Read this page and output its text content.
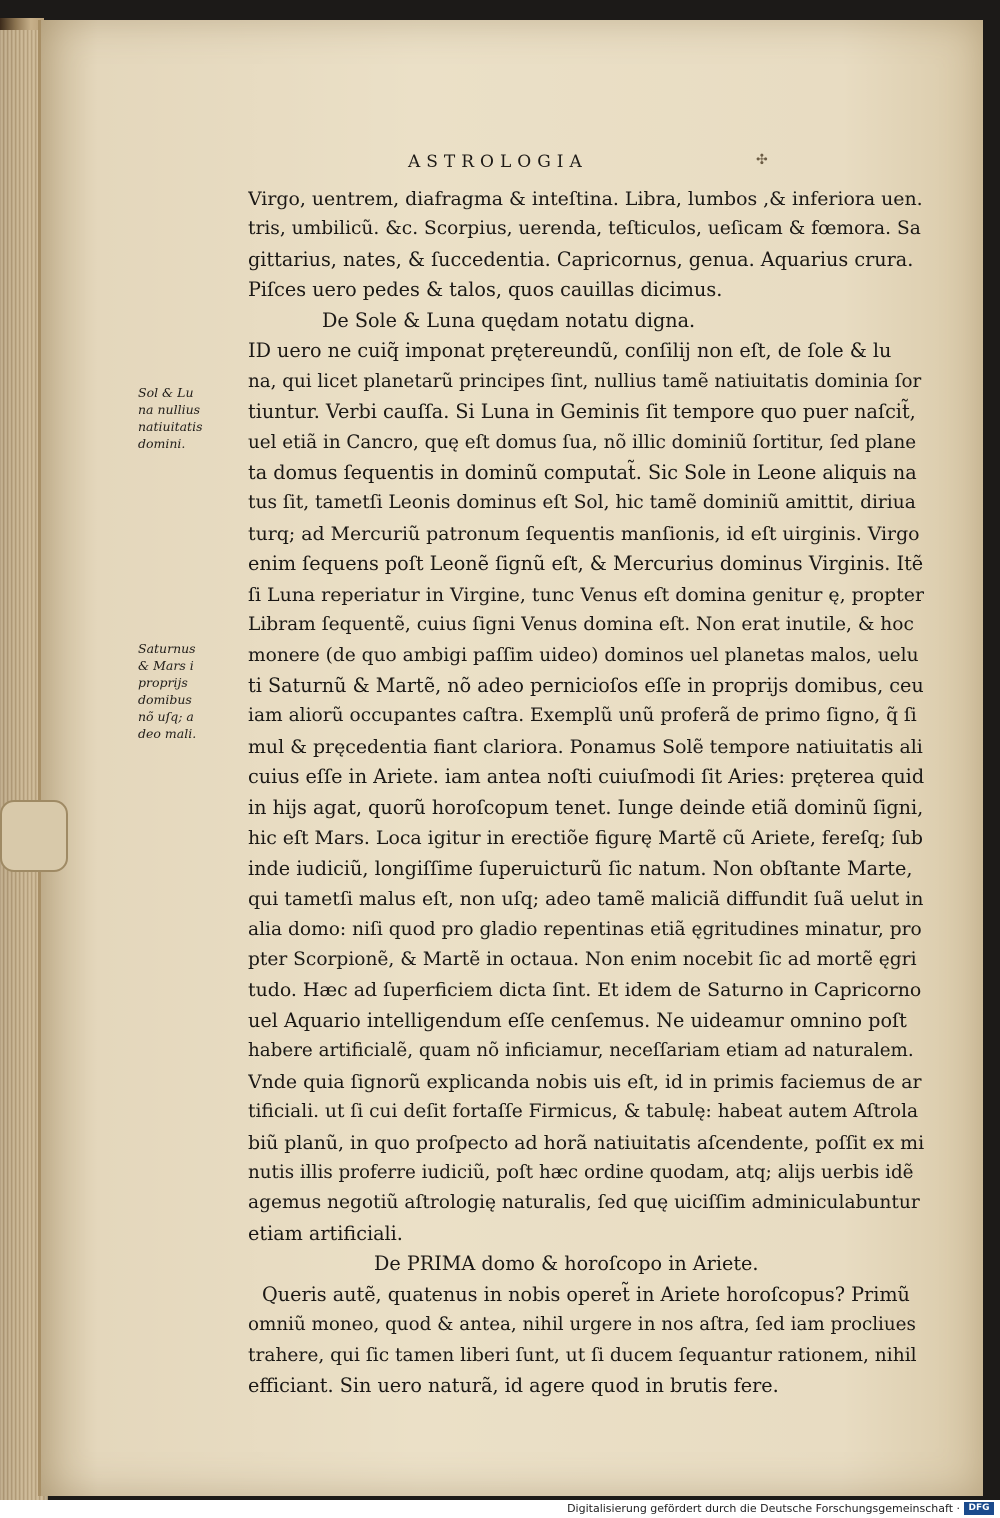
ASTROLOGIA	✣
Sol & Lu
na nullius
natiuitatis
domini.
Saturnus
& Mars i
proprijs
domibus
nõ uſq; a
deo mali.
Virgo, uentrem, diafragma & inteſtina. Libra, lumbos ,& inferiora uen.
tris, umbilicũ. &c. Scorpius, uerenda, teſticulos, ueſicam & fœmora. Sa
gittarius, nates, & ſuccedentia. Capricornus, genua. Aquarius crura.
Piſces uero pedes & talos, quos cauillas dicimus.
De Sole & Luna quędam notatu digna.
ID uero ne cuiq̃ imponat prętereundũ, conſilij non eſt, de ſole & lu
na, qui licet planetarũ principes ſint, nullius tamẽ natiuitatis dominia ſor
tiuntur. Verbi cauſſa. Si Luna in Geminis ſit tempore quo puer naſcit̃,
uel etiã in Cancro, quę eſt domus ſua, nõ illic dominiũ ſortitur, ſed plane
ta domus ſequentis in dominũ computat̃. Sic Sole in Leone aliquis na
tus ſit, tametſi Leonis dominus eſt Sol, hic tamẽ dominiũ amittit, diriua
turq; ad Mercuriũ patronum ſequentis manſionis, id eſt uirginis. Virgo
enim ſequens poſt Leonẽ ſignũ eſt, & Mercurius dominus Virginis. Itẽ
ſi Luna reperiatur in Virgine, tunc Venus eſt domina genitur ę, propter
Libram ſequentẽ, cuius ſigni Venus domina eſt. Non erat inutile, & hoc
monere (de quo ambigi paſſim uideo) dominos uel planetas malos, uelu
ti Saturnũ & Martẽ, nõ adeo pernicioſos eſſe in proprijs domibus, ceu
iam aliorũ occupantes caſtra. Exemplũ unũ proferã de primo ſigno, q̃ ſi
mul & pręcedentia fiant clariora. Ponamus Solẽ tempore natiuitatis ali
cuius eſſe in Ariete. iam antea noſti cuiuſmodi ſit Aries: pręterea quid
in hijs agat, quorũ horoſcopum tenet. Iunge deinde etiã dominũ ſigni,
hic eſt Mars. Loca igitur in erectiõe figurę Martẽ cũ Ariete, fereſq; ſub
inde iudiciũ, longiſſime ſuperuicturũ ſic natum. Non obſtante Marte,
qui tametſi malus eſt, non uſq; adeo tamẽ maliciã diffundit ſuã uelut in
alia domo: niſi quod pro gladio repentinas etiã ęgritudines minatur, pro
pter Scorpionẽ, & Martẽ in octaua. Non enim nocebit ſic ad mortẽ ęgri
tudo. Hæc ad ſuperficiem dicta ſint. Et idem de Saturno in Capricorno
uel Aquario intelligendum eſſe cenſemus. Ne uideamur omnino poſt
habere artificialẽ, quam nõ inficiamur, neceſſariam etiam ad naturalem.
Vnde quia ſignorũ explicanda nobis uis eſt, id in primis faciemus de ar
tificiali. ut ſi cui deſit fortaſſe Firmicus, & tabulę: habeat autem Aſtrola
biũ planũ, in quo proſpecto ad horã natiuitatis aſcendente, poſſit ex mi
nutis illis proferre iudiciũ, poſt hæc ordine quodam, atq; alijs uerbis idẽ
agemus negotiũ aſtrologię naturalis, ſed quę uiciſſim adminiculabuntur
etiam artificiali.
De PRIMA domo & horoſcopo in Ariete.
Queris autẽ, quatenus in nobis operet̃ in Ariete horoſcopus? Primũ
omniũ moneo, quod & antea, nihil urgere in nos aſtra, ſed iam procliues
trahere, qui ſic tamen liberi ſunt, ut ſi ducem ſequantur rationem, nihil
efficiant. Sin uero naturã, id agere quod in brutis fere.
Digitalisierung gefördert durch die Deutsche Forschungsgemeinschaft · DFG
